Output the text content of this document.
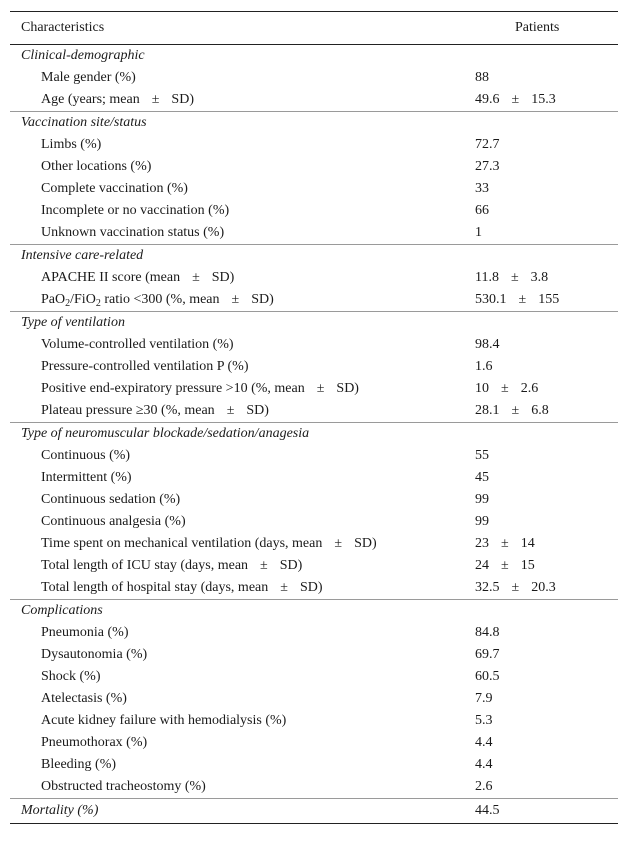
Characteristics	Patients
Clinical-demographic
Male gender (%)	88
Age (years; mean ± SD)	49.6 ± 15.3
Vaccination site/status
Limbs (%)	72.7
Other locations (%)	27.3
Complete vaccination (%)	33
Incomplete or no vaccination (%)	66
Unknown vaccination status (%)	1
Intensive care-related
APACHE II score (mean ± SD)	11.8 ± 3.8
PaO$_2$/FiO$_2$ ratio <300 (%, mean ± SD)	530.1 ± 155
Type of ventilation
Volume-controlled ventilation (%)	98.4
Pressure-controlled ventilation P (%)	1.6
Positive end-expiratory pressure >10 (%, mean ± SD)	10 ± 2.6
Plateau pressure ≥30 (%, mean ± SD)	28.1 ± 6.8
Type of neuromuscular blockade/sedation/anagesia
Continuous (%)	55
Intermittent (%)	45
Continuous sedation (%)	99
Continuous analgesia (%)	99
Time spent on mechanical ventilation (days, mean ± SD)	23 ± 14
Total length of ICU stay (days, mean ± SD)	24 ± 15
Total length of hospital stay (days, mean ± SD)	32.5 ± 20.3
Complications
Pneumonia (%)	84.8
Dysautonomia (%)	69.7
Shock (%)	60.5
Atelectasis (%)	7.9
Acute kidney failure with hemodialysis (%)	5.3
Pneumothorax (%)	4.4
Bleeding (%)	4.4
Obstructed tracheostomy (%)	2.6
Mortality (%)	44.5
